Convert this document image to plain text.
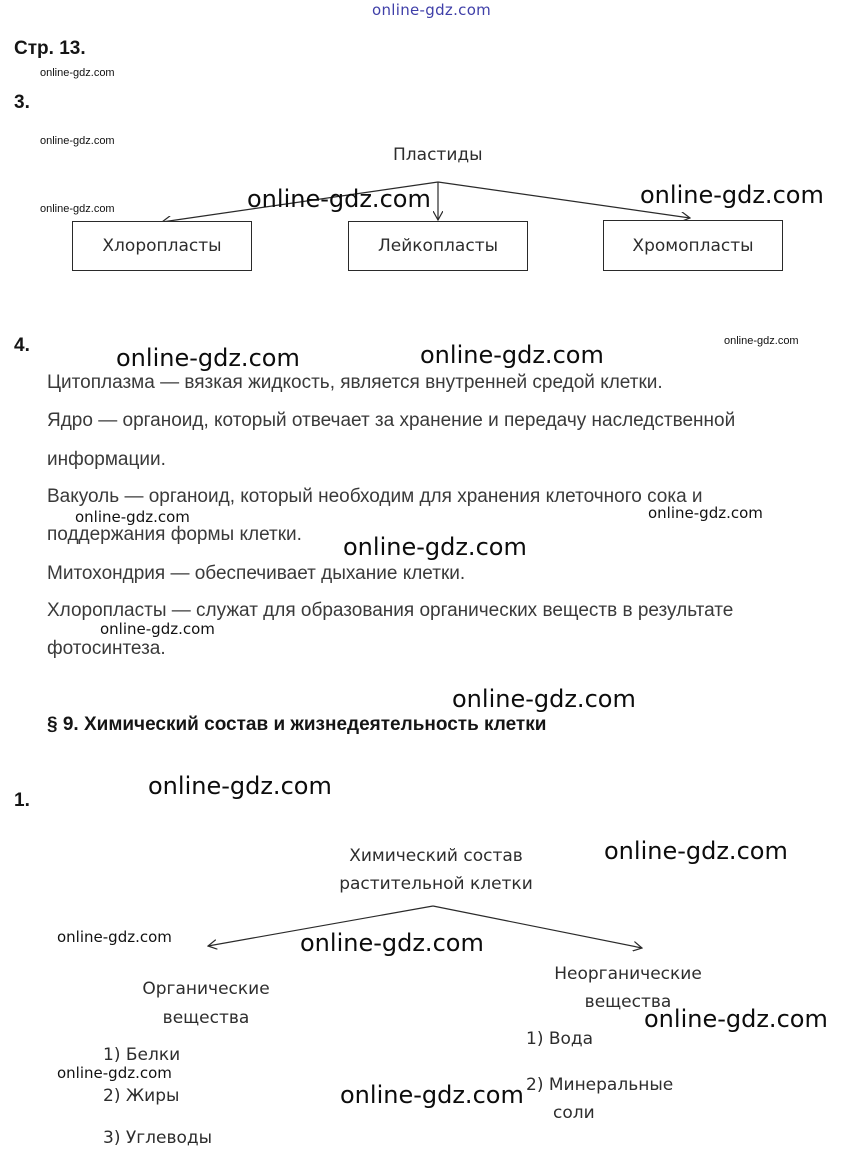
online-gdz.com
Стр. 13.
online-gdz.com
3.
online-gdz.com
online-gdz.com
Пластиды
Хлоропласты	Лейкопласты	Хромопласты
online-gdz.com	online-gdz.com
4.	online-gdz.com
online-gdz.com	online-gdz.com
Цитоплазма — вязкая жидкость, является внутренней средой клетки.
Ядро — органоид, который отвечает за хранение и передачу наследственной
информации.
Вакуоль — органоид, который необходим для хранения клеточного сока и
поддержания формы клетки.
Митохондрия — обеспечивает дыхание клетки.
Хлоропласты — служат для образования органических веществ в результате
фотосинтеза.
online-gdz.com	online-gdz.com
online-gdz.com
online-gdz.com
online-gdz.com
§ 9. Химический состав и жизнедеятельность клетки
1.
online-gdz.com
Химический состав
растительной клетки
online-gdz.com
online-gdz.com	online-gdz.com
Органические
вещества
Неорганические
вещества
online-gdz.com
1) Белки
online-gdz.com
2) Жиры
3) Углеводы
1) Вода
2) Минеральные
соли
online-gdz.com
